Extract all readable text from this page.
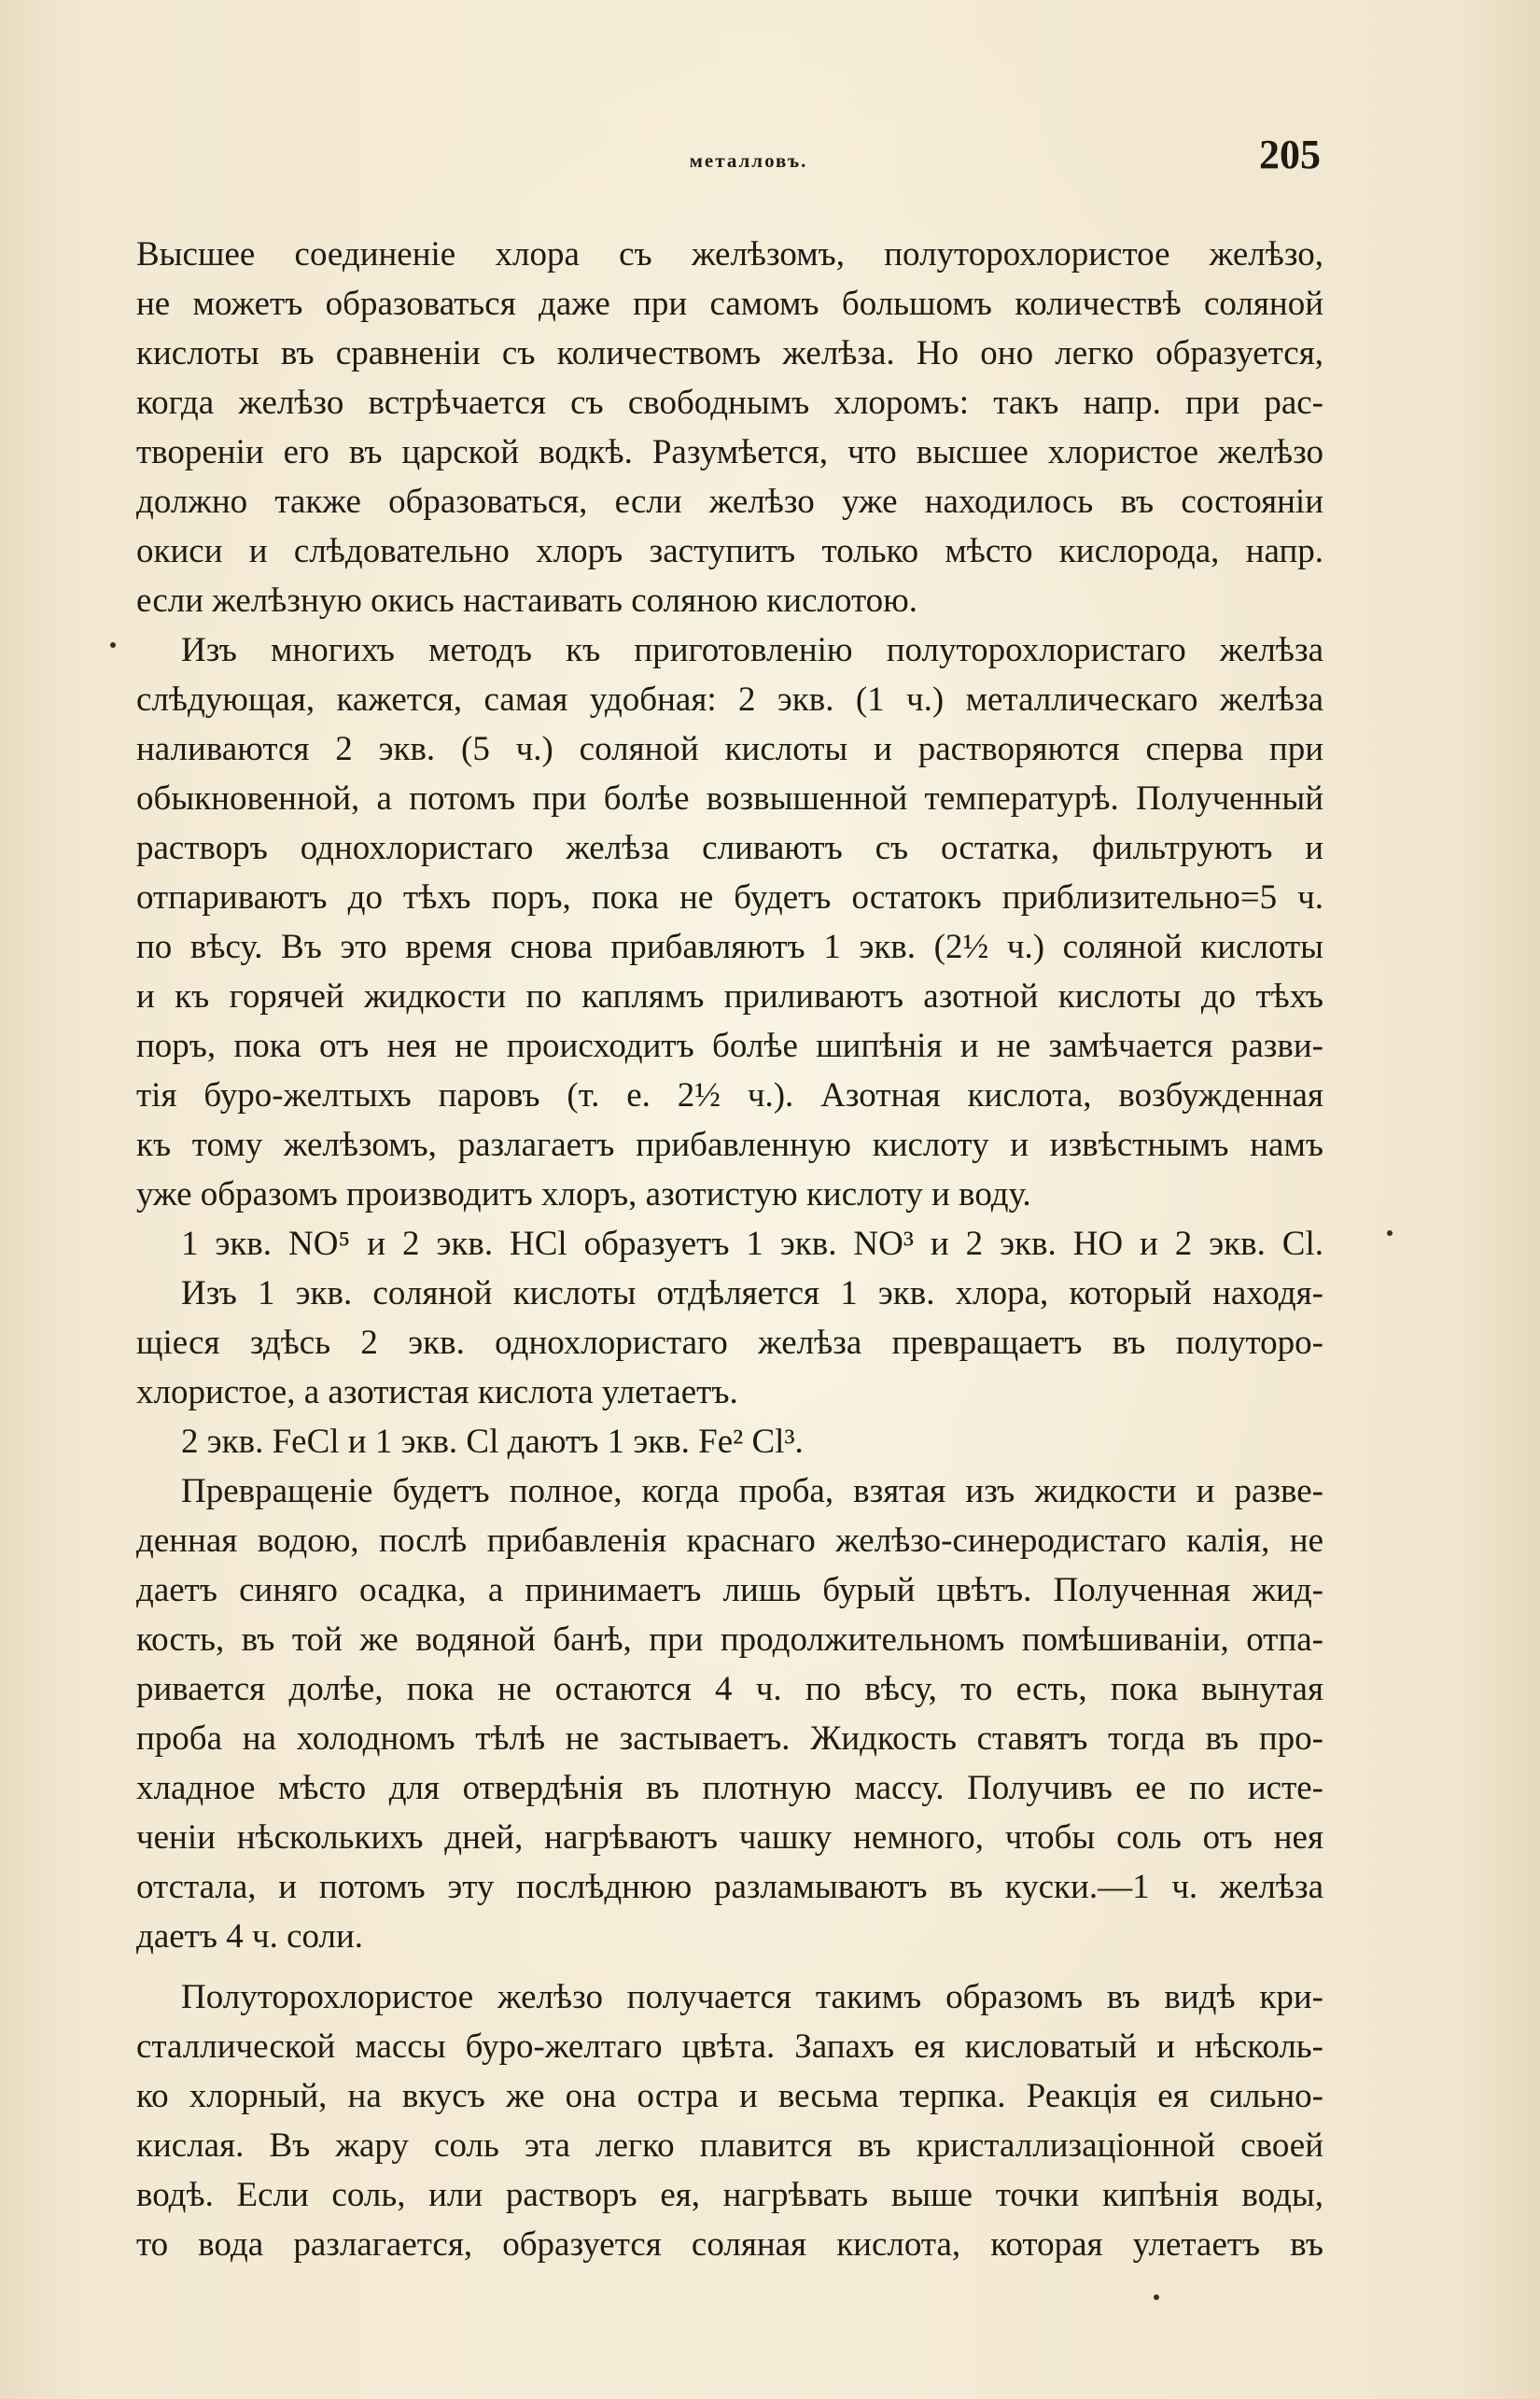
металловъ.	205

Высшее соединеніе хлора съ желѣзомъ, полуторохлористое желѣзо,

не можетъ образоваться даже при самомъ большомъ количествѣ соляной

кислоты въ сравненіи съ количествомъ желѣза. Но оно легко образуется,

когда желѣзо встрѣчается съ свободнымъ хлоромъ: такъ напр. при рас-

твореніи его въ царской водкѣ. Разумѣется, что высшее хлористое желѣзо

должно также образоваться, если желѣзо уже находилось въ состояніи

окиси и слѣдовательно хлоръ заступитъ только мѣсто кислорода, напр.

если желѣзную окись настаивать соляною кислотою.

Изъ многихъ методъ къ приготовленію полуторохлористаго желѣза

слѣдующая, кажется, самая удобная: 2 экв. (1 ч.) металлическаго желѣза

наливаются 2 экв. (5 ч.) соляной кислоты и растворяются сперва при

обыкновенной, а потомъ при болѣе возвышенной температурѣ. Полученный

растворъ однохлористаго желѣза сливаютъ съ остатка, фильтруютъ и

отпариваютъ до тѣхъ поръ, пока не будетъ остатокъ приблизительно=5 ч.

по вѣсу. Въ это время снова прибавляютъ 1 экв. (2½ ч.) соляной кислоты

и къ горячей жидкости по каплямъ приливаютъ азотной кислоты до тѣхъ

поръ, пока отъ нея не происходитъ болѣе шипѣнія и не замѣчается разви-

тія буро-желтыхъ паровъ (т. е. 2½ ч.). Азотная кислота, возбужденная

къ тому желѣзомъ, разлагаетъ прибавленную кислоту и извѣстнымъ намъ

уже образомъ производитъ хлоръ, азотистую кислоту и воду.

1 экв. NO⁵ и 2 экв. HCl образуетъ 1 экв. NO³ и 2 экв. HO и 2 экв. Cl.

Изъ 1 экв. соляной кислоты отдѣляется 1 экв. хлора, который находя-

щіеся здѣсь 2 экв. однохлористаго желѣза превращаетъ въ полуторо-

хлористое, а азотистая кислота улетаетъ.

2 экв. FeCl и 1 экв. Cl даютъ 1 экв. Fe² Cl³.

Превращеніе будетъ полное, когда проба, взятая изъ жидкости и разве-

денная водою, послѣ прибавленія краснаго желѣзо-синеродистаго калія, не

даетъ синяго осадка, а принимаетъ лишь бурый цвѣтъ. Полученная жид-

кость, въ той же водяной банѣ, при продолжительномъ помѣшиваніи, отпа-

ривается долѣе, пока не остаются 4 ч. по вѣсу, то есть, пока вынутая

проба на холодномъ тѣлѣ не застываетъ. Жидкость ставятъ тогда въ про-

хладное мѣсто для отвердѣнія въ плотную массу. Получивъ ее по исте-

ченіи нѣсколькихъ дней, нагрѣваютъ чашку немного, чтобы соль отъ нея

отстала, и потомъ эту послѣднюю разламываютъ въ куски.—1 ч. желѣза

даетъ 4 ч. соли.

Полуторохлористое желѣзо получается такимъ образомъ въ видѣ кри-

сталлической массы буро-желтаго цвѣта. Запахъ ея кисловатый и нѣсколь-

ко хлорный, на вкусъ же она остра и весьма терпка. Реакція ея сильно-

кислая. Въ жару соль эта легко плавится въ кристаллизаціонной своей

водѣ. Если соль, или растворъ ея, нагрѣвать выше точки кипѣнія воды,

то вода разлагается, образуется соляная кислота, которая улетаетъ въ
